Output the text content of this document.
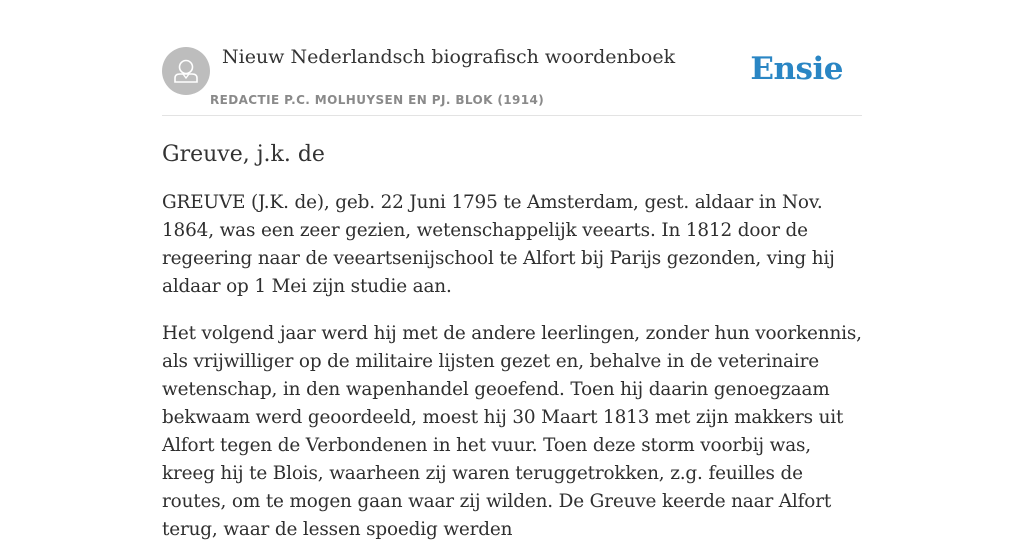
Nieuw Nederlandsch biografisch woordenboek
REDACTIE P.C. MOLHUYSEN EN PJ. BLOK (1914)
Ensie
Greuve, j.k. de

GREUVE (J.K. de), geb. 22 Juni 1795 te Amsterdam, gest. aldaar in Nov. 1864, was een zeer gezien, wetenschappelijk veearts. In 1812 door de regeering naar de veeartsenijschool te Alfort bij Parijs gezonden, ving hij aldaar op 1 Mei zijn studie aan.

Het volgend jaar werd hij met de andere leerlingen, zonder hun voorkennis, als vrijwilliger op de militaire lijsten gezet en, behalve in de veterinaire wetenschap, in den wapenhandel geoefend. Toen hij daarin genoegzaam bekwaam werd geoordeeld, moest hij 30 Maart 1813 met zijn makkers uit Alfort tegen de Verbondenen in het vuur. Toen deze storm voorbij was, kreeg hij te Blois, waarheen zij waren teruggetrokken, z.g. feuilles de routes, om te mogen gaan waar zij wilden. De Greuve keerde naar Alfort terug, waar de lessen spoedig werden
